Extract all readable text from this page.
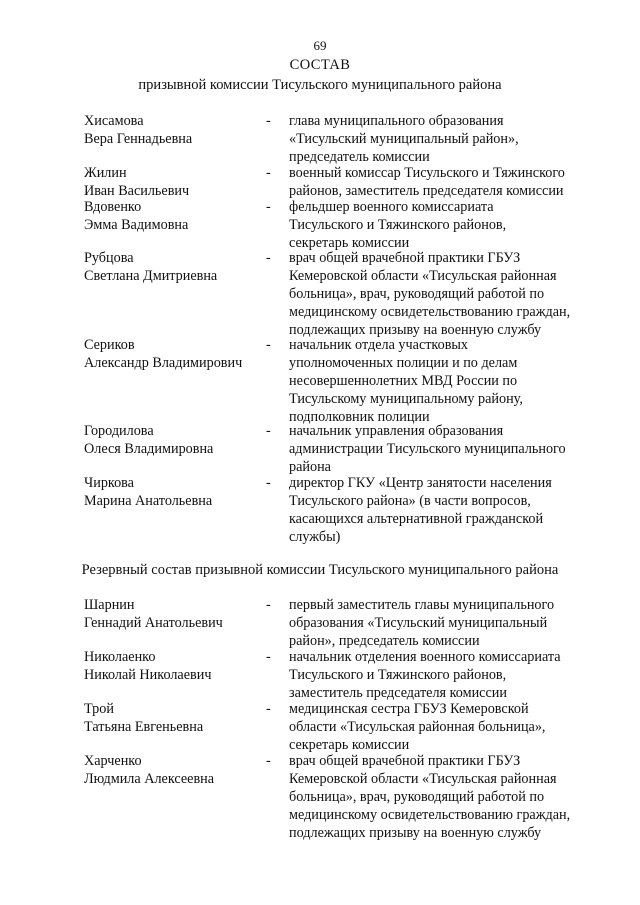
69
СОСТАВ
призывной комиссии Тисульского муниципального района
Хисамова
Вера Геннадьевна
- глава муниципального образования
«Тисульский муниципальный район»,
председатель комиссии
Жилин
Иван Васильевич
- военный комиссар Тисульского и Тяжинского
районов, заместитель председателя комиссии
Вдовенко
Эмма Вадимовна
- фельдшер военного комиссариата
Тисульского и Тяжинского районов,
секретарь комиссии
Рубцова
Светлана Дмитриевна
- врач общей врачебной практики ГБУЗ
Кемеровской области «Тисульская районная
больница», врач, руководящий работой по
медицинскому освидетельствованию граждан,
подлежащих призыву на военную службу
Сериков
Александр Владимирович
- начальник отдела участковых
уполномоченных полиции и по делам
несовершеннолетних МВД России по
Тисульскому муниципальному району,
подполковник полиции
Городилова
Олеся Владимировна
- начальник управления образования
администрации Тисульского муниципального
района
Чиркова
Марина Анатольевна
- директор ГКУ «Центр занятости населения
Тисульского района» (в части вопросов,
касающихся альтернативной гражданской
службы)
Резервный состав призывной комиссии Тисульского муниципального района
Шарнин
Геннадий Анатольевич
- первый заместитель главы муниципального
образования «Тисульский муниципальный
район», председатель комиссии
Николаенко
Николай Николаевич
- начальник отделения военного комиссариата
Тисульского и Тяжинского районов,
заместитель председателя комиссии
Трой
Татьяна Евгеньевна
- медицинская сестра ГБУЗ Кемеровской
области «Тисульская районная больница»,
секретарь комиссии
Харченко
Людмила Алексеевна
- врач общей врачебной практики ГБУЗ
Кемеровской области «Тисульская районная
больница», врач, руководящий работой по
медицинскому освидетельствованию граждан,
подлежащих призыву на военную службу
